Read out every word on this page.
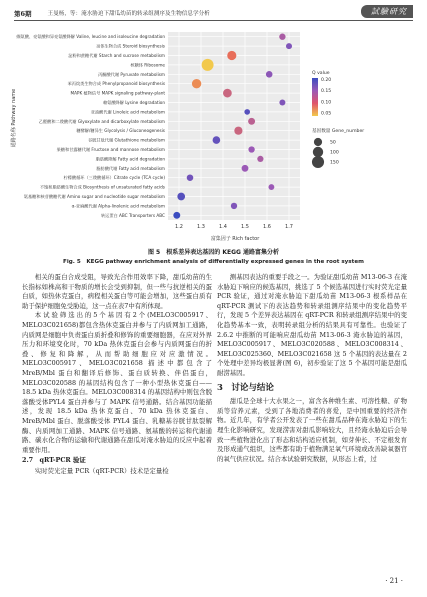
第6期	王曼杨，等：淹水胁迫下甜瓜幼苗的转录组测序及生物信息学分析	試驗研究
1.2	1.3	1.4	1.5	1.6	1.7
缬氨酸、亮氨酸和异亮氨酸降解 Valine, leucine and isoleucine degradation
甾体生物合成 Steroid biosynthesis
淀粉和蔗糖代谢 Starch and sucrose metabolism
核糖体 Ribosome
丙酮酸代谢 Pyruvate metabolism
苯丙烷类生物合成 Phenylpropanoid biosynthesis
MAPK 植物信号 MAPK signaling pathway-plant
赖氨酸降解 Lysine degradation
亚油酸代谢 Linoleic acid metabolism
乙醛酸和二羧酸代谢 Glyoxylate and dicarboxylate metabolism
糖酵解/糖异生 Glycolysis / Gluconeogenesis
谷胱甘肽代谢 Glutathione metabolism
果糖和甘露糖代谢 Fructose and mannose metabolism
脂肪酸降解 Fatty acid degradation
脂肪酸代谢 Fatty acid metabolism
柠檬酸循环（三羧酸循环）Citrate cycle (TCA cycle)
不饱和脂肪酸生物合成 Biosynthesis of unsaturated fatty acids
氨基糖和核苷酸糖代谢 Amino sugar and nucleotide sugar metabolism
α-亚麻酸代谢 Alpha-linolenic acid metabolism
转运蛋白 ABC Transporters ABC
通路名称 Pathway name
富集因子 Rich factor
Q value
0.20
0.15
0.10
0.05
基因数量 Gene_number
50
100
150
图 5　根系差异表达基因的 KEGG 通路富集分析
Fig. 5　KEGG pathway enrichment analysis of differentially expressed genes in the root system

相关的蛋白合成受阻，导致光合作用效率下降，甜瓜幼苗的生长指标如株高和干物质的增长会受到抑制，但一些与抗逆相关的蛋白质，如热休克蛋白，病程相关蛋白等可能会增加，这些蛋白质有助于保护细胞免受胁迫，这一点在表7中有所体现。

本试验筛选出的5个基因有2个(MELO3C005917、MELO3C021658)都包含热休克蛋白并参与了内质网加工通路，内质网是细胞中负责蛋白质折叠和修饰的重要细胞器，在应对外界压力和环境变化时，70 kDa 热休克蛋白会参与内质网蛋白的折叠、修复和降解，从而帮助细胞应对应激情况。MELO3C005917、MELO3C021658 描述中都包含了MreB/Mbl 蛋白和翻译后修饰、蛋白质转换、伴侣蛋白，MELO3C020588 的基因结构包含了一种小型热休克蛋白——18.5 kDa 热休克蛋白。MELO3C008314 的基因结构中则包含脱落酸受体PYL4 蛋白并参与了 MAPK 信号通路。结合基因功能描述，发现 18.5 kDa 热休克蛋白、70 kDa 热休克蛋白、MreB/Mbl 蛋白、脱落酸受体 PYL4 蛋白、乳糖基谷胱甘肽裂解酶、内质网加工通路、MAPK 信号通路、氨基酸的转运和代谢通路、碳水化合物的运输和代谢通路在甜瓜对淹水胁迫的反应中起着重要作用。

2.7　qRT-PCR 验证

实时荧光定量 PCR（qRT-PCR）技术是定量检

测基因表达的重要手段之一。为验证甜瓜幼苗 M13-06-3 在淹水胁迫下响应的候选基因，挑选了 5 个候选基因进行实时荧光定量 PCR 验证，通过对淹水胁迫下甜瓜幼苗 M13-06-3 根系样品在 qRT-PCR 测试下的表达趋势和转录组测序结果中的变化趋势平行，发现 5 个差异表达基因在 qRT-PCR 和转录组测序结果中的变化趋势基本一致，表明转录组分析的结果具有可靠性。也验证了 2.6.2 中推断的可能响应甜瓜幼苗 M13-06-3 淹水胁迫的基因，MELO3C005917、MELO3C020588、MELO3C008314、MELO3C025360、MELO3C021658 这 5 个基因的表达量在 2 个处理中差异均极显著(图 6)，初步验证了这 5 个基因可能是甜瓜耐涝基因。

3　讨论与结论

甜瓜是全球十大水果之一，富含各种维生素、可溶性糖、矿物质等营养元素，受到了各地消费者的喜爱，是中国重要的经济作物。近几年，有学者公开发表了一些在甜瓜品种在淹水胁迫下的生理生化影响研究，发现涝害对甜瓜影响较大，且经淹水胁迫后会导致一些植物进化出了形态和结构适应机制，如芽伸长、不定根发育及形成通气组织，这些都有助于植物满足氧气环境或改善缺氧器官的氧气供应状况。结合本试验研究数据，从形态上看，过

· 21 ·
